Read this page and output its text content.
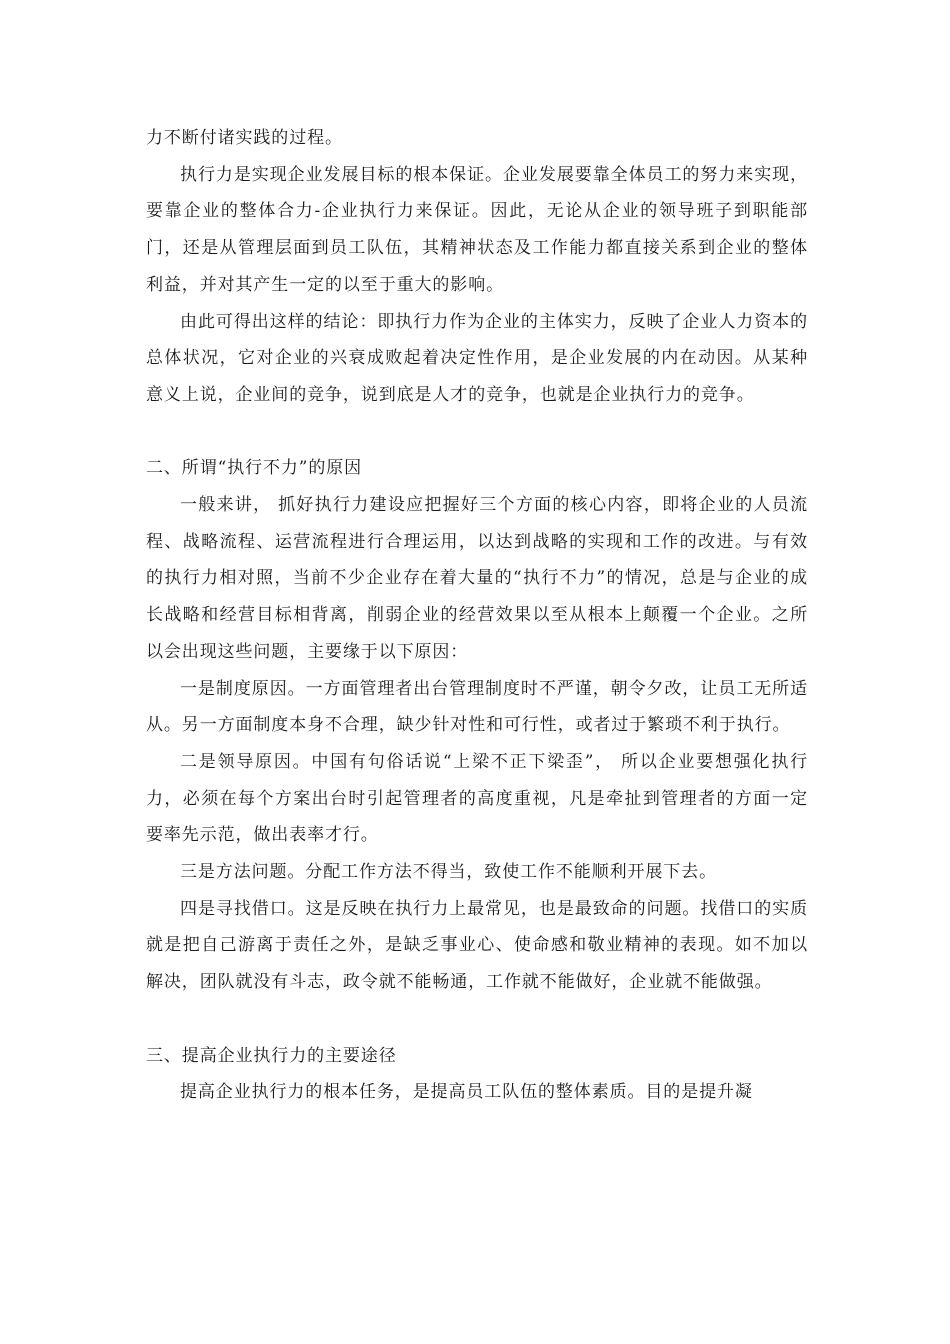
力不断付诸实践的过程。

执行力是实现企业发展目标的根本保证。企业发展要靠全体员工的努力来实现，要靠企业的整体合力-企业执行力来保证。因此，无论从企业的领导班子到职能部门，还是从管理层面到员工队伍，其精神状态及工作能力都直接关系到企业的整体利益，并对其产生一定的以至于重大的影响。

由此可得出这样的结论：即执行力作为企业的主体实力，反映了企业人力资本的总体状况，它对企业的兴衰成败起着决定性作用，是企业发展的内在动因。从某种意义上说，企业间的竞争，说到底是人才的竞争，也就是企业执行力的竞争。

二、所谓“执行不力”的原因

一般来讲， 抓好执行力建设应把握好三个方面的核心内容，即将企业的人员流程、战略流程、运营流程进行合理运用，以达到战略的实现和工作的改进。与有效的执行力相对照，当前不少企业存在着大量的“执行不力”的情况，总是与企业的成长战略和经营目标相背离，削弱企业的经营效果以至从根本上颠覆一个企业。之所以会出现这些问题，主要缘于以下原因：

一是制度原因。一方面管理者出台管理制度时不严谨，朝令夕改，让员工无所适从。另一方面制度本身不合理，缺少针对性和可行性，或者过于繁琐不利于执行。

二是领导原因。中国有句俗话说“上梁不正下梁歪”， 所以企业要想强化执行力，必须在每个方案出台时引起管理者的高度重视，凡是牵扯到管理者的方面一定要率先示范，做出表率才行。

三是方法问题。分配工作方法不得当，致使工作不能顺利开展下去。

四是寻找借口。这是反映在执行力上最常见，也是最致命的问题。找借口的实质就是把自己游离于责任之外，是缺乏事业心、使命感和敬业精神的表现。如不加以解决，团队就没有斗志，政令就不能畅通，工作就不能做好，企业就不能做强。

三、提高企业执行力的主要途径

提高企业执行力的根本任务，是提高员工队伍的整体素质。目的是提升凝
